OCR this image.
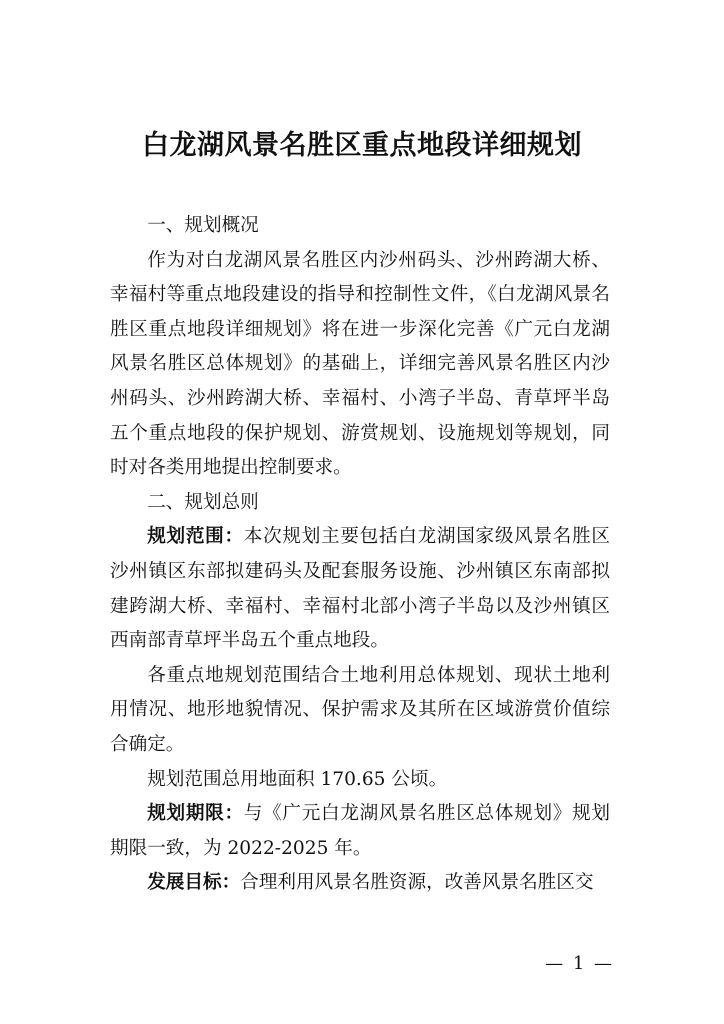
白龙湖风景名胜区重点地段详细规划

一、规划概况

作为对白龙湖风景名胜区内沙州码头、沙州跨湖大桥、幸福村等重点地段建设的指导和控制性文件，《白龙湖风景名胜区重点地段详细规划》将在进一步深化完善《广元白龙湖风景名胜区总体规划》的基础上，详细完善风景名胜区内沙州码头、沙州跨湖大桥、幸福村、小湾子半岛、青草坪半岛五个重点地段的保护规划、游赏规划、设施规划等规划，同时对各类用地提出控制要求。

二、规划总则

规划范围：本次规划主要包括白龙湖国家级风景名胜区沙州镇区东部拟建码头及配套服务设施、沙州镇区东南部拟建跨湖大桥、幸福村、幸福村北部小湾子半岛以及沙州镇区西南部青草坪半岛五个重点地段。

各重点地规划范围结合土地利用总体规划、现状土地利用情况、地形地貌情况、保护需求及其所在区域游赏价值综合确定。

规划范围总用地面积 170.65 公顷。

规划期限：与《广元白龙湖风景名胜区总体规划》规划期限一致，为 2022-2025 年。

发展目标：合理利用风景名胜资源，改善风景名胜区交

— 1 —
